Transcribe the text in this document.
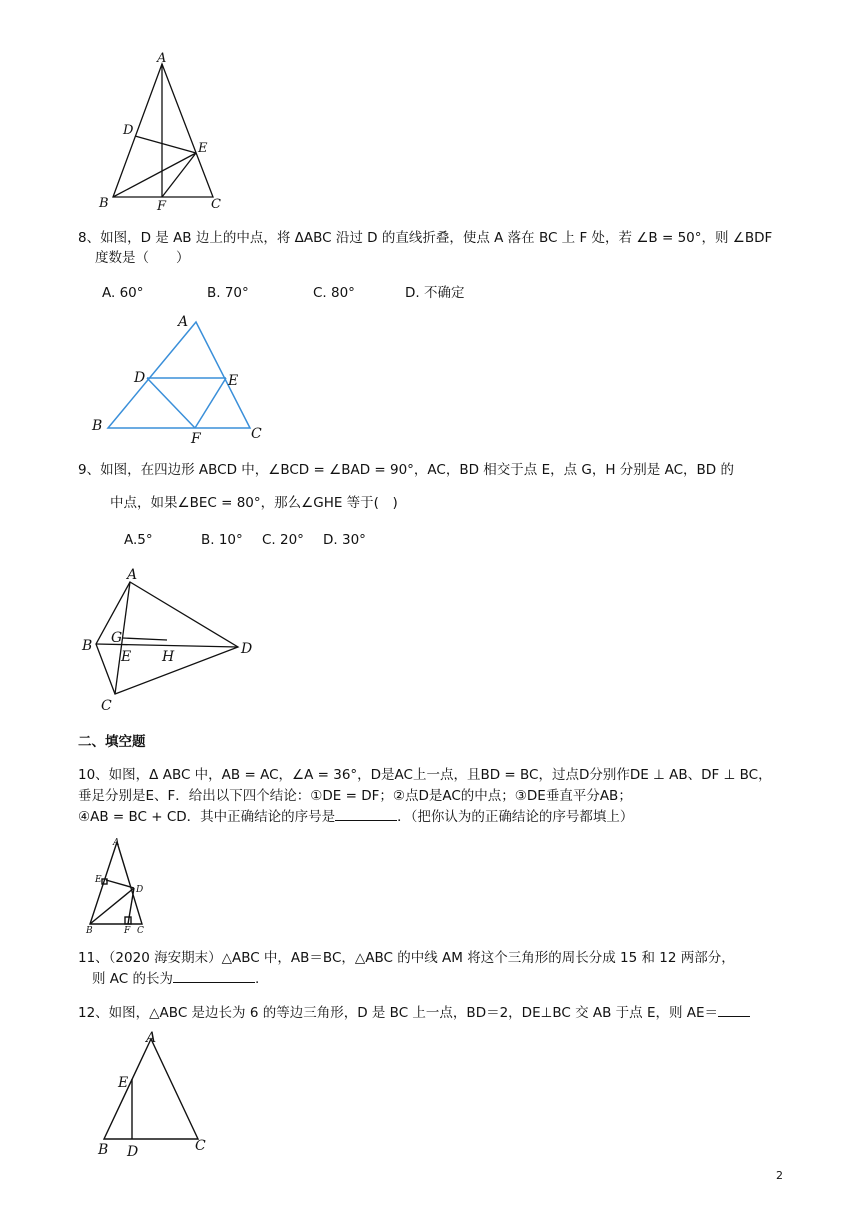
A
D
E
B	F	C
8、如图，D 是 AB 边上的中点，将 ΔABC 沿过 D 的直线折叠，使点 A 落在 BC 上 F 处，若 ∠B = 50°，则 ∠BDF
度数是（　　）
A. 60°	B. 70°	C. 80°	D. 不确定
A
D	E
B
F	C
9、如图，在四边形 ABCD 中，∠BCD = ∠BAD = 90°，AC，BD 相交于点 E，点 G，H 分别是 AC，BD 的
中点，如果∠BEC = 80°，那么∠GHE 等于(　)
A.5°	B. 10° C. 20° D. 30°
A
B G
E H	D
C
二、填空题
10、如图，Δ ABC 中，AB = AC，∠A = 36°，D是AC上一点，且BD = BC，过点D分别作DE ⊥ AB、DF ⊥ BC，
垂足分别是E、F．给出以下四个结论：①DE = DF；②点D是AC的中点；③DE垂直平分AB；
④AB = BC + CD．其中正确结论的序号是	．（把你认为的正确结论的序号都填上）
A
E
D
B	F C
11、（2020 海安期末）△ABC 中，AB＝BC，△ABC 的中线 AM 将这个三角形的周长分成 15 和 12 两部分，
则 AC 的长为	.
12、如图，△ABC 是边长为 6 的等边三角形，D 是 BC 上一点，BD＝2，DE⊥BC 交 AB 于点 E，则 AE＝
A
E
B D	C
2
